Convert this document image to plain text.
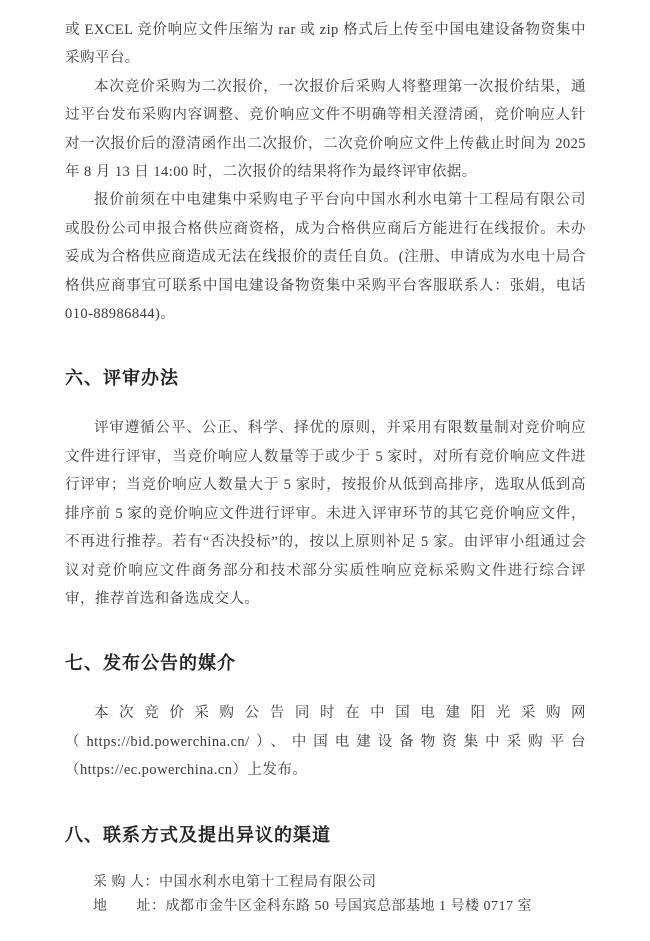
或 EXCEL 竞价响应文件压缩为 rar 或 zip 格式后上传至中国电建设备物资集中采购平台。

本次竞价采购为二次报价，一次报价后采购人将整理第一次报价结果，通过平台发布采购内容调整、竞价响应文件不明确等相关澄清函，竞价响应人针对一次报价后的澄清函作出二次报价，二次竞价响应文件上传截止时间为 2025 年 8 月 13 日 14:00 时，二次报价的结果将作为最终评审依据。

报价前须在中电建集中采购电子平台向中国水利水电第十工程局有限公司或股份公司申报合格供应商资格，成为合格供应商后方能进行在线报价。未办妥成为合格供应商造成无法在线报价的责任自负。(注册、申请成为水电十局合格供应商事宜可联系中国电建设备物资集中采购平台客服联系人：张娟，电话 010-88986844)。

六、评审办法

评审遵循公平、公正、科学、择优的原则，并采用有限数量制对竞价响应文件进行评审，当竞价响应人数量等于或少于 5 家时，对所有竞价响应文件进行评审；当竞价响应人数量大于 5 家时，按报价从低到高排序，选取从低到高排序前 5 家的竞价响应文件进行评审。未进入评审环节的其它竞价响应文件，不再进行推荐。若有“否决投标”的，按以上原则补足 5 家。由评审小组通过会议对竞价响应文件商务部分和技术部分实质性响应竞标采购文件进行综合评审，推荐首选和备选成交人。

七、发布公告的媒介

本次竞价采购公告同时在中国电建阳光采购网（https://bid.powerchina.cn/）、中国电建设备物资集中采购平台（https://ec.powerchina.cn）上发布。

八、联系方式及提出异议的渠道

采 购 人：中国水利水电第十工程局有限公司

地　　址：成都市金牛区金科东路 50 号国宾总部基地 1 号楼 0717 室
